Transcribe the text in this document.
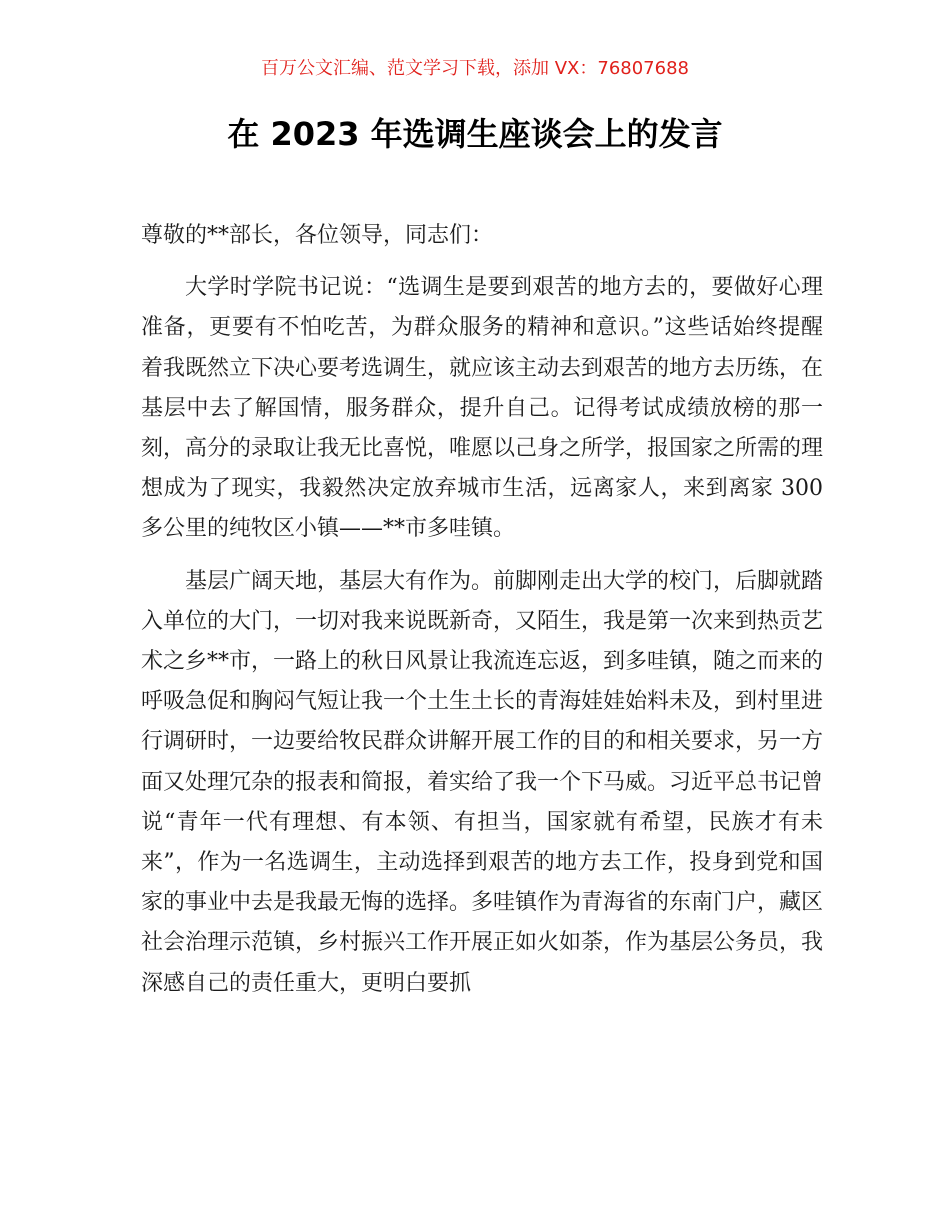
百万公文汇编、范文学习下载，添加 VX：76807688
在 2023 年选调生座谈会上的发言

尊敬的**部长，各位领导，同志们：

大学时学院书记说：“选调生是要到艰苦的地方去的，要做好心理准备，更要有不怕吃苦，为群众服务的精神和意识。”这些话始终提醒着我既然立下决心要考选调生，就应该主动去到艰苦的地方去历练，在基层中去了解国情，服务群众，提升自己。记得考试成绩放榜的那一刻，高分的录取让我无比喜悦，唯愿以己身之所学，报国家之所需的理想成为了现实，我毅然决定放弃城市生活，远离家人，来到离家 300 多公里的纯牧区小镇——**市多哇镇。

基层广阔天地，基层大有作为。前脚刚走出大学的校门，后脚就踏入单位的大门，一切对我来说既新奇，又陌生，我是第一次来到热贡艺术之乡**市，一路上的秋日风景让我流连忘返，到多哇镇，随之而来的呼吸急促和胸闷气短让我一个土生土长的青海娃娃始料未及，到村里进行调研时，一边要给牧民群众讲解开展工作的目的和相关要求，另一方面又处理冗杂的报表和简报，着实给了我一个下马威。习近平总书记曾说“青年一代有理想、有本领、有担当，国家就有希望，民族才有未来”，作为一名选调生，主动选择到艰苦的地方去工作，投身到党和国家的事业中去是我最无悔的选择。多哇镇作为青海省的东南门户，藏区社会治理示范镇，乡村振兴工作开展正如火如荼，作为基层公务员，我深感自己的责任重大，更明白要抓
